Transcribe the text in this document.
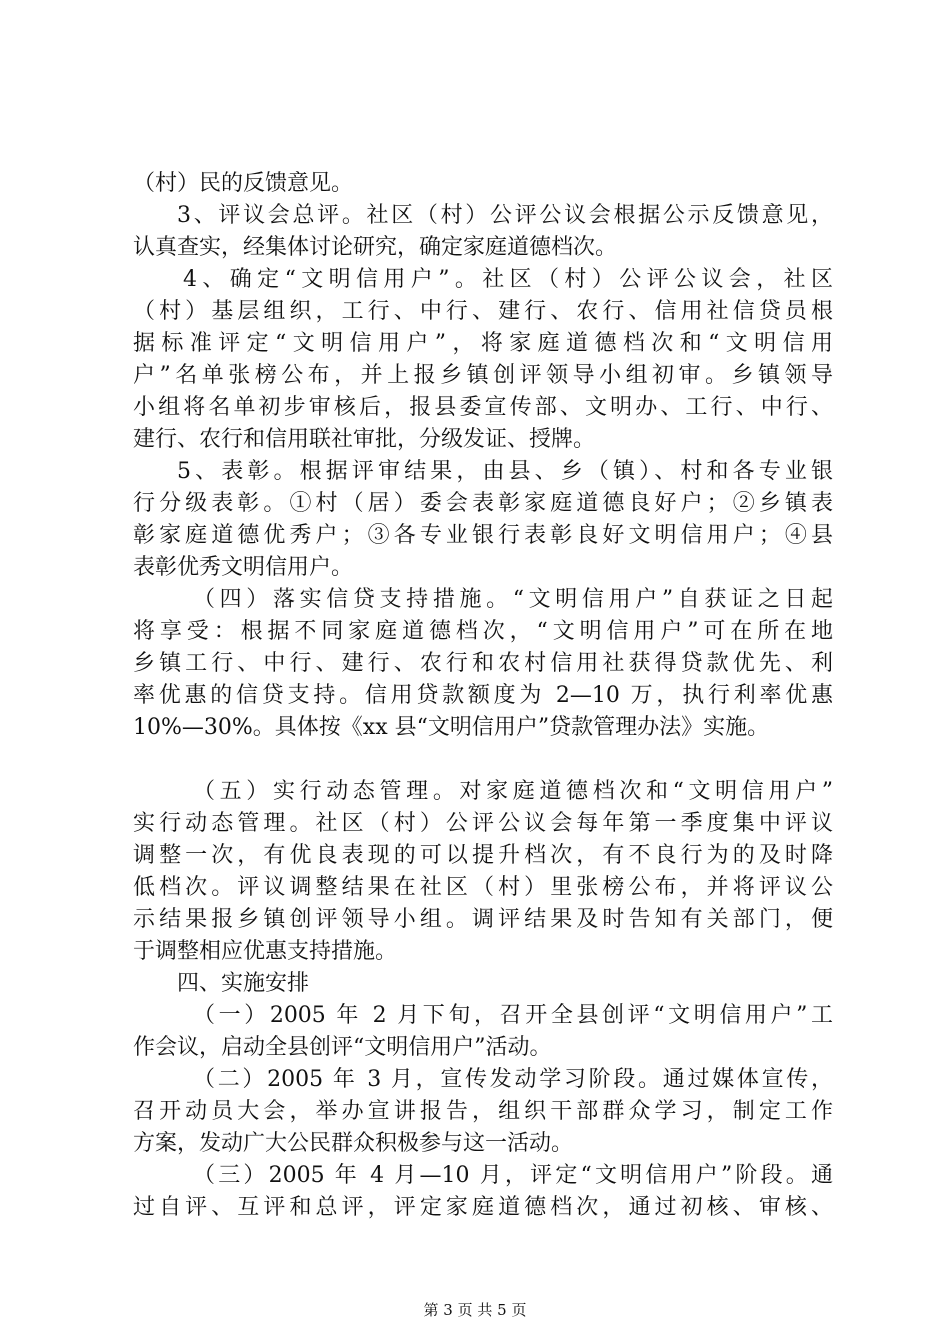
（村）民的反馈意见。
3、评议会总评。社区（村）公评公议会根据公示反馈意见，
认真查实，经集体讨论研究，确定家庭道德档次。
4、确定“文明信用户”。社区（村）公评公议会，社区
（村）基层组织，工行、中行、建行、农行、信用社信贷员根
据标准评定“文明信用户”，将家庭道德档次和“文明信用
户”名单张榜公布，并上报乡镇创评领导小组初审。乡镇领导
小组将名单初步审核后，报县委宣传部、文明办、工行、中行、
建行、农行和信用联社审批，分级发证、授牌。
5、表彰。根据评审结果，由县、乡（镇）、村和各专业银
行分级表彰。①村（居）委会表彰家庭道德良好户；②乡镇表
彰家庭道德优秀户；③各专业银行表彰良好文明信用户；④县
表彰优秀文明信用户。
（四）落实信贷支持措施。“文明信用户”自获证之日起
将享受：根据不同家庭道德档次，“文明信用户”可在所在地
乡镇工行、中行、建行、农行和农村信用社获得贷款优先、利
率优惠的信贷支持。信用贷款额度为 2—10 万，执行利率优惠
10%—30%。具体按《xx 县“文明信用户”贷款管理办法》实施。
（五）实行动态管理。对家庭道德档次和“文明信用户”
实行动态管理。社区（村）公评公议会每年第一季度集中评议
调整一次，有优良表现的可以提升档次，有不良行为的及时降
低档次。评议调整结果在社区（村）里张榜公布，并将评议公
示结果报乡镇创评领导小组。调评结果及时告知有关部门，便
于调整相应优惠支持措施。
四、实施安排
（一）2005 年 2 月下旬，召开全县创评“文明信用户”工
作会议，启动全县创评“文明信用户”活动。
（二）2005 年 3 月，宣传发动学习阶段。通过媒体宣传，
召开动员大会，举办宣讲报告，组织干部群众学习，制定工作
方案，发动广大公民群众积极参与这一活动。
（三）2005 年 4 月—10 月，评定“文明信用户”阶段。通
过自评、互评和总评，评定家庭道德档次，通过初核、审核、
第 3 页 共 5 页
